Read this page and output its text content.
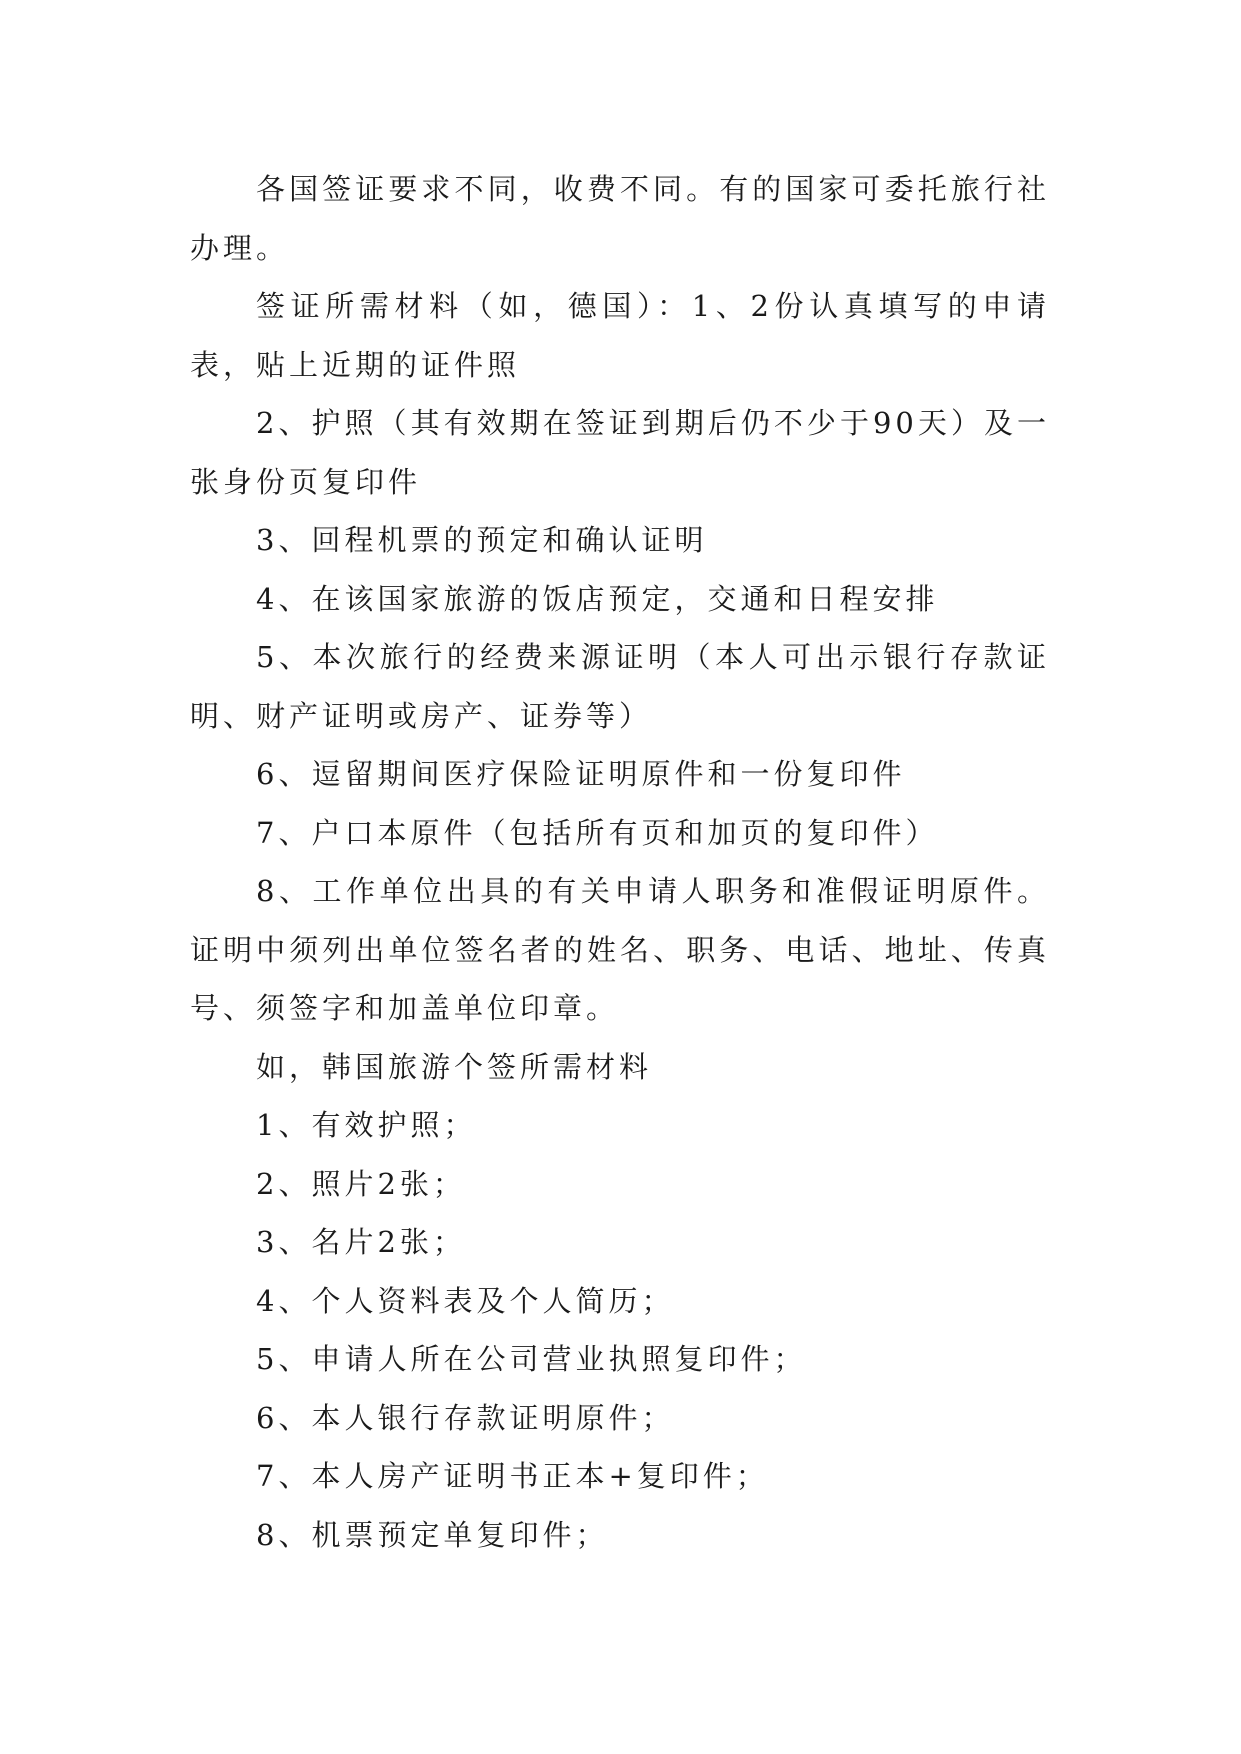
各国签证要求不同，收费不同。有的国家可委托旅行社办理。

签证所需材料（如，德国）：1、2份认真填写的申请表，贴上近期的证件照

2、护照（其有效期在签证到期后仍不少于90天）及一张身份页复印件

3、回程机票的预定和确认证明

4、在该国家旅游的饭店预定，交通和日程安排

5、本次旅行的经费来源证明（本人可出示银行存款证明、财产证明或房产、证券等）

6、逗留期间医疗保险证明原件和一份复印件

7、户口本原件（包括所有页和加页的复印件）

8、工作单位出具的有关申请人职务和准假证明原件。证明中须列出单位签名者的姓名、职务、电话、地址、传真号、须签字和加盖单位印章。

如，韩国旅游个签所需材料

1、有效护照；

2、照片2张；

3、名片2张；

4、个人资料表及个人简历；

5、申请人所在公司营业执照复印件；

6、本人银行存款证明原件；

7、本人房产证明书正本+复印件；

8、机票预定单复印件；
